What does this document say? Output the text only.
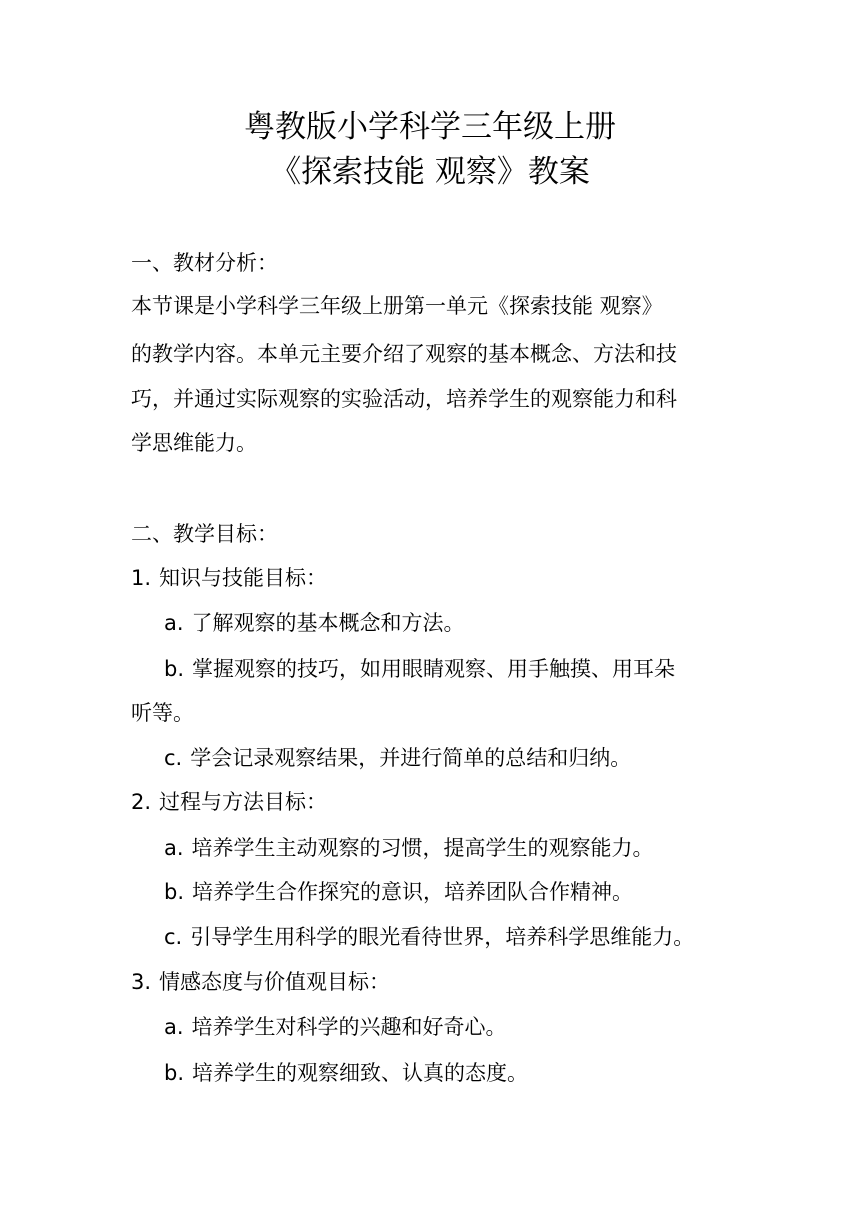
粤教版小学科学三年级上册
《探索技能 观察》教案
一、教材分析：
本节课是小学科学三年级上册第一单元《探索技能 观察》
的教学内容。本单元主要介绍了观察的基本概念、方法和技
巧，并通过实际观察的实验活动，培养学生的观察能力和科
学思维能力。
二、教学目标：
1. 知识与技能目标：
a. 了解观察的基本概念和方法。
b. 掌握观察的技巧，如用眼睛观察、用手触摸、用耳朵
听等。
c. 学会记录观察结果，并进行简单的总结和归纳。
2. 过程与方法目标：
a. 培养学生主动观察的习惯，提高学生的观察能力。
b. 培养学生合作探究的意识，培养团队合作精神。
c. 引导学生用科学的眼光看待世界，培养科学思维能力。
3. 情感态度与价值观目标：
a. 培养学生对科学的兴趣和好奇心。
b. 培养学生的观察细致、认真的态度。
